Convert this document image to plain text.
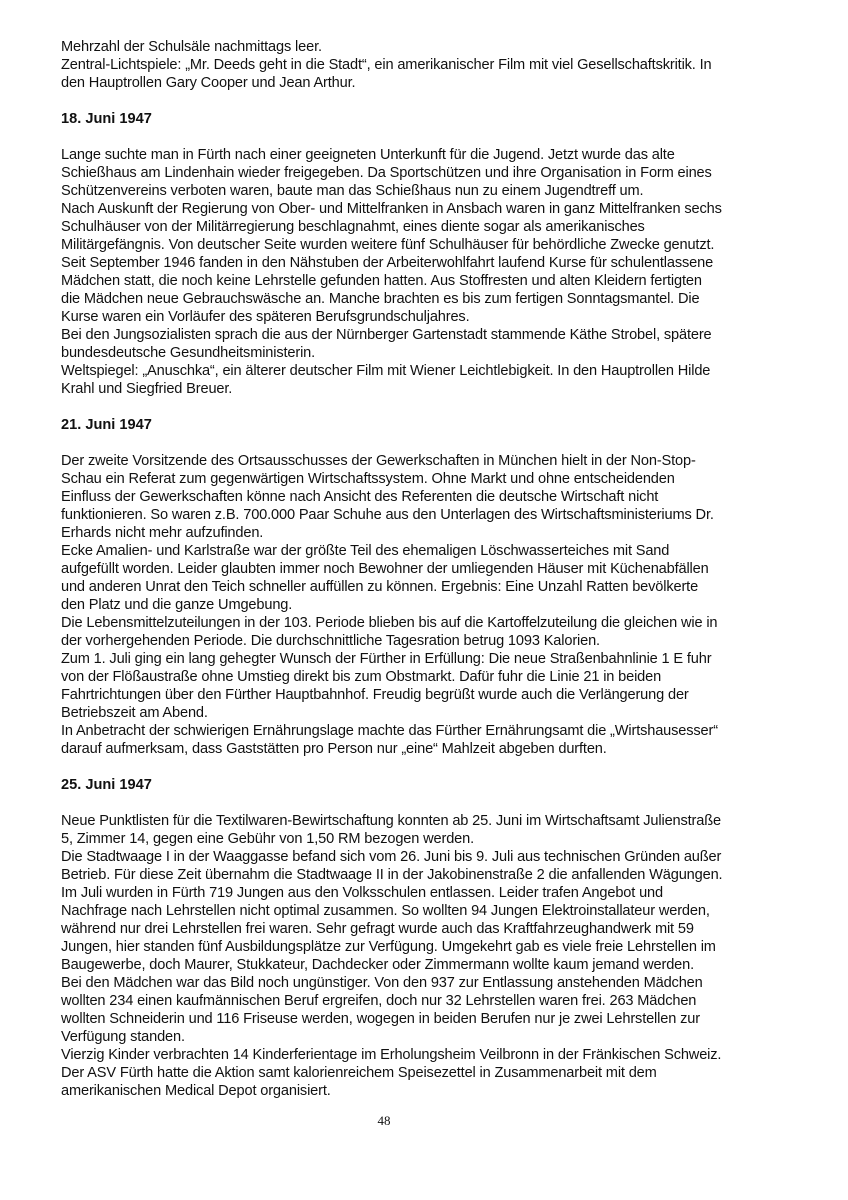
Mehrzahl der Schulsäle nachmittags leer.
Zentral-Lichtspiele: „Mr. Deeds geht in die Stadt“, ein amerikanischer Film mit viel Gesellschaftskritik. In
den Hauptrollen Gary Cooper und Jean Arthur.
18. Juni 1947
Lange suchte man in Fürth nach einer geeigneten Unterkunft für die Jugend. Jetzt wurde das alte
Schießhaus am Lindenhain wieder freigegeben. Da Sportschützen und ihre Organisation in Form eines
Schützenvereins verboten waren, baute man das Schießhaus nun zu einem Jugendtreff um.
Nach Auskunft der Regierung von Ober- und Mittelfranken in Ansbach waren in ganz Mittelfranken sechs
Schulhäuser von der Militärregierung beschlagnahmt, eines diente sogar als amerikanisches
Militärgefängnis. Von deutscher Seite wurden weitere fünf Schulhäuser für behördliche Zwecke genutzt.
Seit September 1946 fanden in den Nähstuben der Arbeiterwohlfahrt laufend Kurse für schulentlassene
Mädchen statt, die noch keine Lehrstelle gefunden hatten. Aus Stoffresten und alten Kleidern fertigten
die Mädchen neue Gebrauchswäsche an. Manche brachten es bis zum fertigen Sonntagsmantel. Die
Kurse waren ein Vorläufer des späteren Berufsgrundschuljahres.
Bei den Jungsozialisten sprach die aus der Nürnberger Gartenstadt stammende Käthe Strobel, spätere
bundesdeutsche Gesundheitsministerin.
Weltspiegel: „Anuschka“, ein älterer deutscher Film mit Wiener Leichtlebigkeit. In den Hauptrollen Hilde
Krahl und Siegfried Breuer.
21. Juni 1947
Der zweite Vorsitzende des Ortsausschusses der Gewerkschaften in München hielt in der Non-Stop-
Schau ein Referat zum gegenwärtigen Wirtschaftssystem. Ohne Markt und ohne entscheidenden
Einfluss der Gewerkschaften könne nach Ansicht des Referenten die deutsche Wirtschaft nicht
funktionieren. So waren z.B. 700.000 Paar Schuhe aus den Unterlagen des Wirtschaftsministeriums Dr.
Erhards nicht mehr aufzufinden.
Ecke Amalien- und Karlstraße war der größte Teil des ehemaligen Löschwasserteiches mit Sand
aufgefüllt worden. Leider glaubten immer noch Bewohner der umliegenden Häuser mit Küchenabfällen
und anderen Unrat den Teich schneller auffüllen zu können. Ergebnis: Eine Unzahl Ratten bevölkerte
den Platz und die ganze Umgebung.
Die Lebensmittelzuteilungen in der 103. Periode blieben bis auf die Kartoffelzuteilung die gleichen wie in
der vorhergehenden Periode. Die durchschnittliche Tagesration betrug 1093 Kalorien.
Zum 1. Juli ging ein lang gehegter Wunsch der Fürther in Erfüllung: Die neue Straßenbahnlinie 1 E fuhr
von der Flößaustraße ohne Umstieg direkt bis zum Obstmarkt. Dafür fuhr die Linie 21 in beiden
Fahrtrichtungen über den Fürther Hauptbahnhof. Freudig begrüßt wurde auch die Verlängerung der
Betriebszeit am Abend.
In Anbetracht der schwierigen Ernährungslage machte das Fürther Ernährungsamt die „Wirtshausesser“
darauf aufmerksam, dass Gaststätten pro Person nur „eine“ Mahlzeit abgeben durften.
25. Juni 1947
Neue Punktlisten für die Textilwaren-Bewirtschaftung konnten ab 25. Juni im Wirtschaftsamt Julienstraße
5, Zimmer 14, gegen eine Gebühr von 1,50 RM bezogen werden.
Die Stadtwaage I in der Waaggasse befand sich vom 26. Juni bis 9. Juli aus technischen Gründen außer
Betrieb. Für diese Zeit übernahm die Stadtwaage II in der Jakobinenstraße 2 die anfallenden Wägungen.
Im Juli wurden in Fürth 719 Jungen aus den Volksschulen entlassen. Leider trafen Angebot und
Nachfrage nach Lehrstellen nicht optimal zusammen. So wollten 94 Jungen Elektroinstallateur werden,
während nur drei Lehrstellen frei waren. Sehr gefragt wurde auch das Kraftfahrzeughandwerk mit 59
Jungen, hier standen fünf Ausbildungsplätze zur Verfügung. Umgekehrt gab es viele freie Lehrstellen im
Baugewerbe, doch Maurer, Stukkateur, Dachdecker oder Zimmermann wollte kaum jemand werden.
Bei den Mädchen war das Bild noch ungünstiger. Von den 937 zur Entlassung anstehenden Mädchen
wollten 234 einen kaufmännischen Beruf ergreifen, doch nur 32 Lehrstellen waren frei. 263 Mädchen
wollten Schneiderin und 116 Friseuse werden, wogegen in beiden Berufen nur je zwei Lehrstellen zur
Verfügung standen.
Vierzig Kinder verbrachten 14 Kinderferientage im Erholungsheim Veilbronn in der Fränkischen Schweiz.
Der ASV Fürth hatte die Aktion samt kalorienreichem Speisezettel in Zusammenarbeit mit dem
amerikanischen Medical Depot organisiert.
48
